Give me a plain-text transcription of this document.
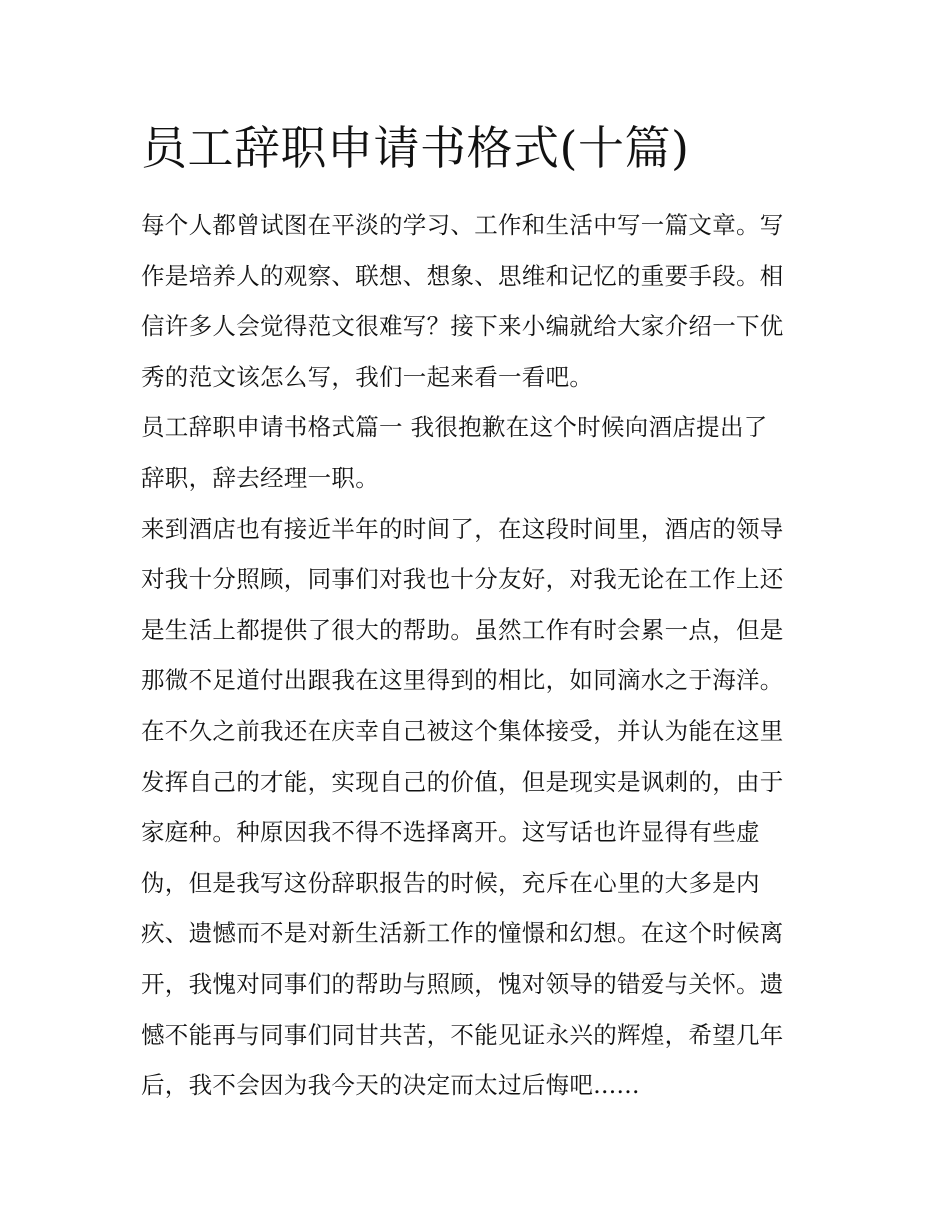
员工辞职申请书格式(十篇)
每个人都曾试图在平淡的学习、工作和生活中写一篇文章。写
作是培养人的观察、联想、想象、思维和记忆的重要手段。相
信许多人会觉得范文很难写？接下来小编就给大家介绍一下优
秀的范文该怎么写，我们一起来看一看吧。
员工辞职申请书格式篇一 我很抱歉在这个时候向酒店提出了
辞职，辞去经理一职。
来到酒店也有接近半年的时间了，在这段时间里，酒店的领导
对我十分照顾，同事们对我也十分友好，对我无论在工作上还
是生活上都提供了很大的帮助。虽然工作有时会累一点，但是
那微不足道付出跟我在这里得到的相比，如同滴水之于海洋。
在不久之前我还在庆幸自己被这个集体接受，并认为能在这里
发挥自己的才能，实现自己的价值，但是现实是讽刺的，由于
家庭种。种原因我不得不选择离开。这写话也许显得有些虚
伪，但是我写这份辞职报告的时候，充斥在心里的大多是内
疚、遗憾而不是对新生活新工作的憧憬和幻想。在这个时候离
开，我愧对同事们的帮助与照顾，愧对领导的错爱与关怀。遗
憾不能再与同事们同甘共苦，不能见证永兴的辉煌，希望几年
后，我不会因为我今天的决定而太过后悔吧......
